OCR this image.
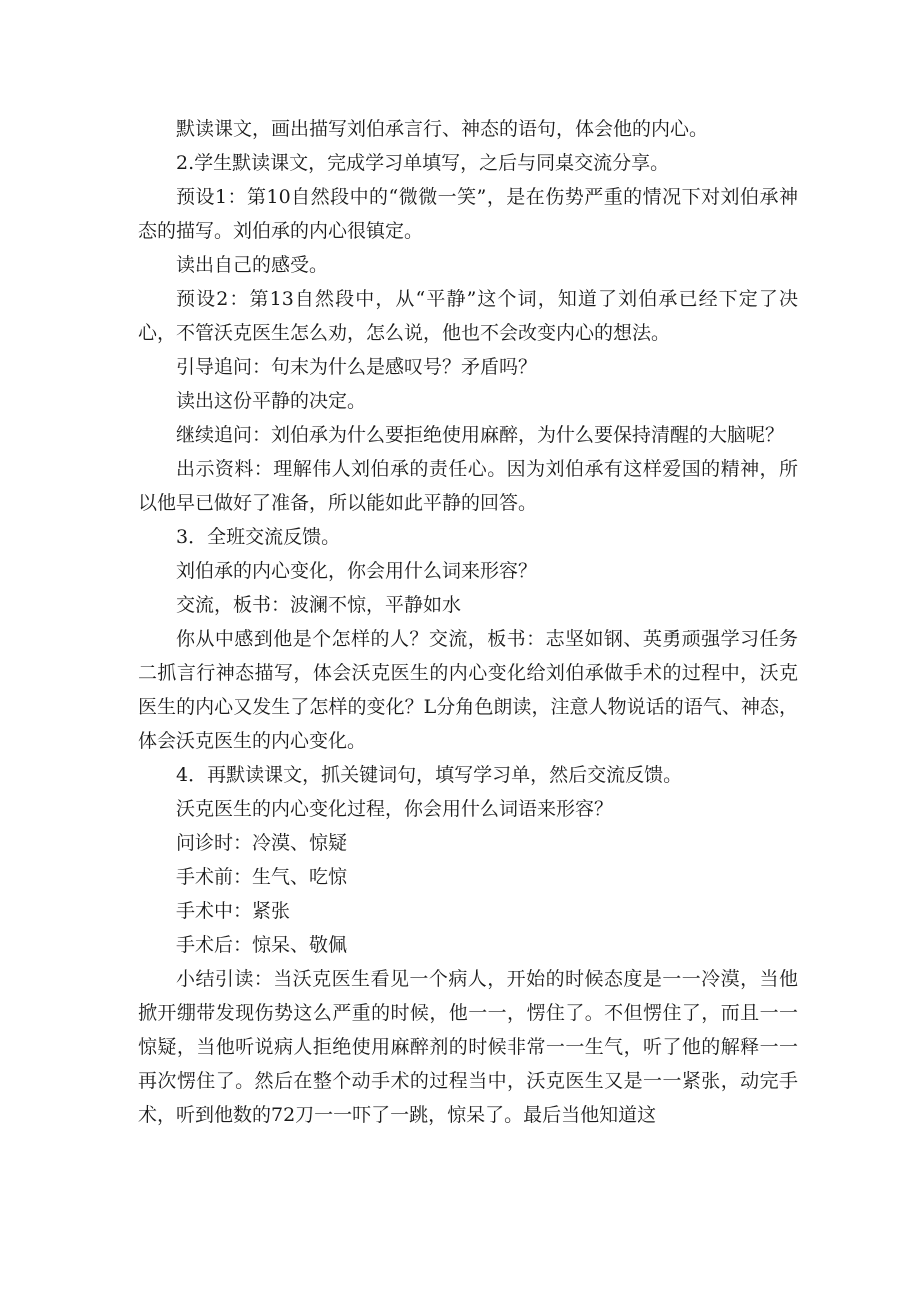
默读课文，画出描写刘伯承言行、神态的语句，体会他的内心。

2.学生默读课文，完成学习单填写，之后与同桌交流分享。

预设1：第10自然段中的“微微一笑”，是在伤势严重的情况下对刘伯承神态的描写。刘伯承的内心很镇定。

读出自己的感受。

预设2：第13自然段中，从“平静”这个词，知道了刘伯承已经下定了决心，不管沃克医生怎么劝，怎么说，他也不会改变内心的想法。

引导追问：句末为什么是感叹号？矛盾吗？

读出这份平静的决定。

继续追问：刘伯承为什么要拒绝使用麻醉，为什么要保持清醒的大脑呢？

出示资料：理解伟人刘伯承的责任心。因为刘伯承有这样爱国的精神，所以他早已做好了准备，所以能如此平静的回答。

3．全班交流反馈。

刘伯承的内心变化，你会用什么词来形容？

交流，板书：波澜不惊，平静如水

你从中感到他是个怎样的人？交流，板书：志坚如钢、英勇顽强学习任务二抓言行神态描写，体会沃克医生的内心变化给刘伯承做手术的过程中，沃克医生的内心又发生了怎样的变化？L分角色朗读，注意人物说话的语气、神态，体会沃克医生的内心变化。

4．再默读课文，抓关键词句，填写学习单，然后交流反馈。

沃克医生的内心变化过程，你会用什么词语来形容？

问诊时：冷漠、惊疑

手术前：生气、吃惊

手术中：紧张

手术后：惊呆、敬佩

小结引读：当沃克医生看见一个病人，开始的时候态度是一一冷漠，当他掀开绷带发现伤势这么严重的时候，他一一，愣住了。不但愣住了，而且一一惊疑，当他听说病人拒绝使用麻醉剂的时候非常一一生气，听了他的解释一一再次愣住了。然后在整个动手术的过程当中，沃克医生又是一一紧张，动完手术，听到他数的72刀一一吓了一跳，惊呆了。最后当他知道这
